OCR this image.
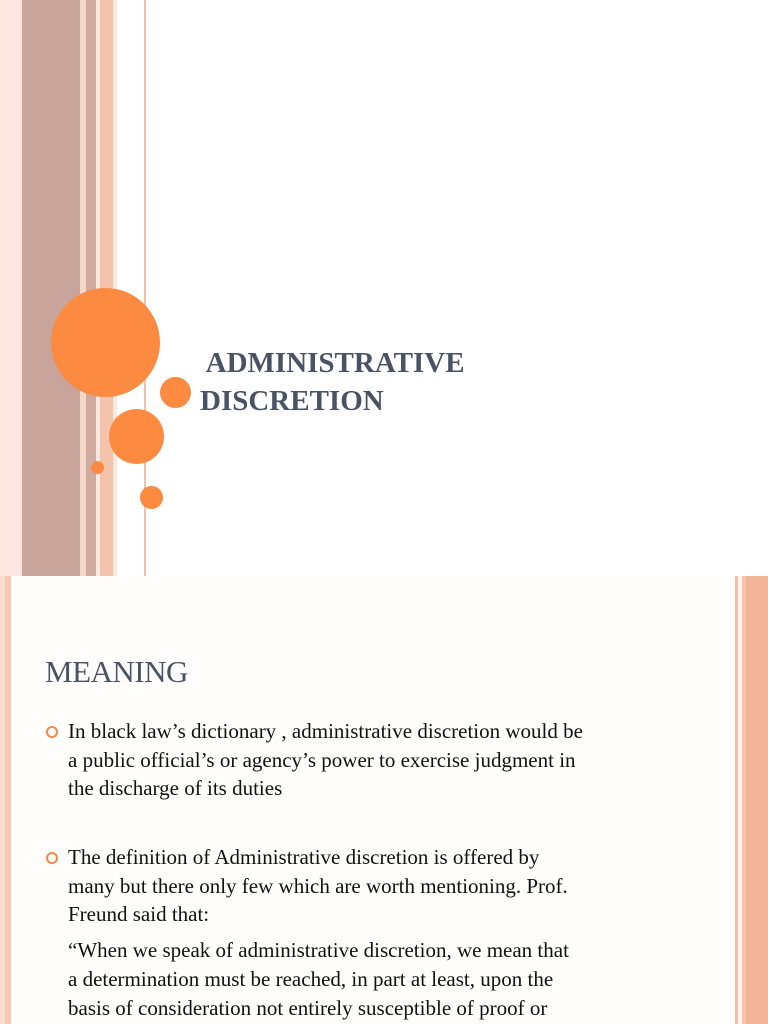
ADMINISTRATIVE
DISCRETION
MEANING

In black law’s dictionary , administrative discretion would be
a public official’s or agency’s power to exercise judgment in
the discharge of its duties

The definition of Administrative discretion is offered by
many but there only few which are worth mentioning. Prof.
Freund said that:

“When we speak of administrative discretion, we mean that
a determination must be reached, in part at least, upon the
basis of consideration not entirely susceptible of proof or
